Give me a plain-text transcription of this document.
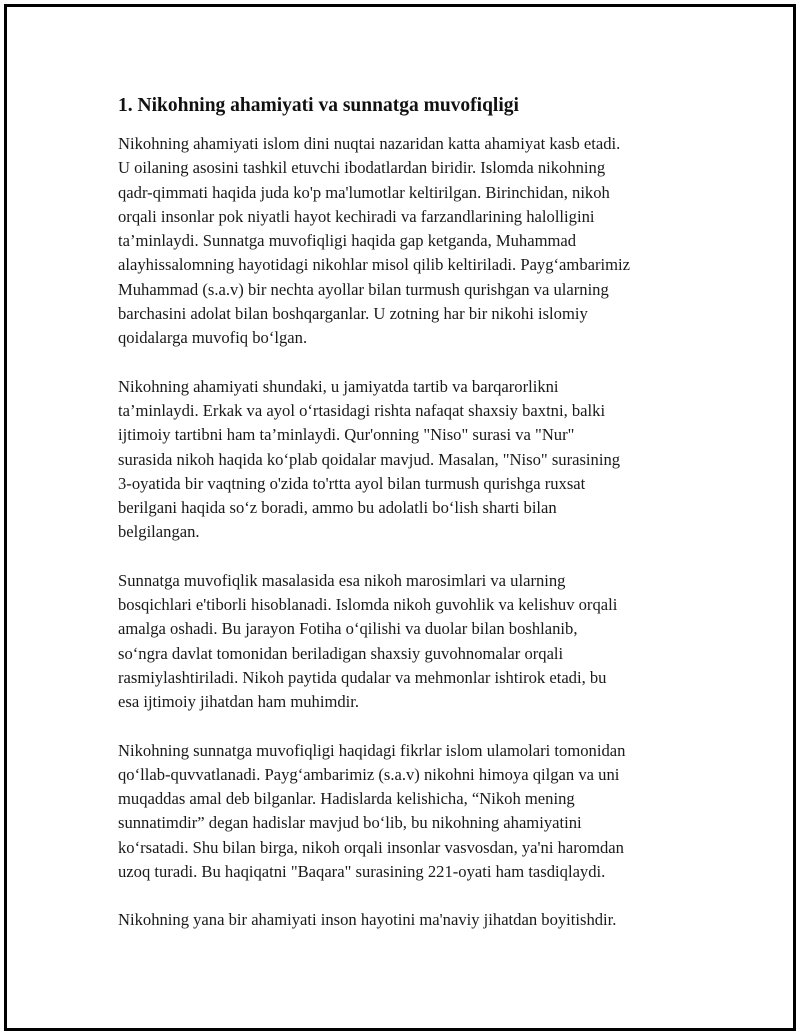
1. Nikohning ahamiyati va sunnatga muvofiqligi

Nikohning ahamiyati islom dini nuqtai nazaridan katta ahamiyat kasb etadi.
U oilaning asosini tashkil etuvchi ibodatlardan biridir. Islomda nikohning
qadr-qimmati haqida juda ko'p ma'lumotlar keltirilgan. Birinchidan, nikoh
orqali insonlar pok niyatli hayot kechiradi va farzandlarining halolligini
ta’minlaydi. Sunnatga muvofiqligi haqida gap ketganda, Muhammad
alayhissalomning hayotidagi nikohlar misol qilib keltiriladi. Payg‘ambarimiz
Muhammad (s.a.v) bir nechta ayollar bilan turmush qurishgan va ularning
barchasini adolat bilan boshqarganlar. U zotning har bir nikohi islomiy
qoidalarga muvofiq bo‘lgan.

Nikohning ahamiyati shundaki, u jamiyatda tartib va barqarorlikni
ta’minlaydi. Erkak va ayol o‘rtasidagi rishta nafaqat shaxsiy baxtni, balki
ijtimoiy tartibni ham ta’minlaydi. Qur'onning "Niso" surasi va "Nur"
surasida nikoh haqida ko‘plab qoidalar mavjud. Masalan, "Niso" surasining
3-oyatida bir vaqtning o'zida to'rtta ayol bilan turmush qurishga ruxsat
berilgani haqida so‘z boradi, ammo bu adolatli bo‘lish sharti bilan
belgilangan.

Sunnatga muvofiqlik masalasida esa nikoh marosimlari va ularning
bosqichlari e'tiborli hisoblanadi. Islomda nikoh guvohlik va kelishuv orqali
amalga oshadi. Bu jarayon Fotiha o‘qilishi va duolar bilan boshlanib,
so‘ngra davlat tomonidan beriladigan shaxsiy guvohnomalar orqali
rasmiylashtiriladi. Nikoh paytida qudalar va mehmonlar ishtirok etadi, bu
esa ijtimoiy jihatdan ham muhimdir.

Nikohning sunnatga muvofiqligi haqidagi fikrlar islom ulamolari tomonidan
qo‘llab-quvvatlanadi. Payg‘ambarimiz (s.a.v) nikohni himoya qilgan va uni
muqaddas amal deb bilganlar. Hadislarda kelishicha, “Nikoh mening
sunnatimdir” degan hadislar mavjud bo‘lib, bu nikohning ahamiyatini
ko‘rsatadi. Shu bilan birga, nikoh orqali insonlar vasvosdan, ya'ni haromdan
uzoq turadi. Bu haqiqatni "Baqara" surasining 221-oyati ham tasdiqlaydi.

Nikohning yana bir ahamiyati inson hayotini ma'naviy jihatdan boyitishdir.
